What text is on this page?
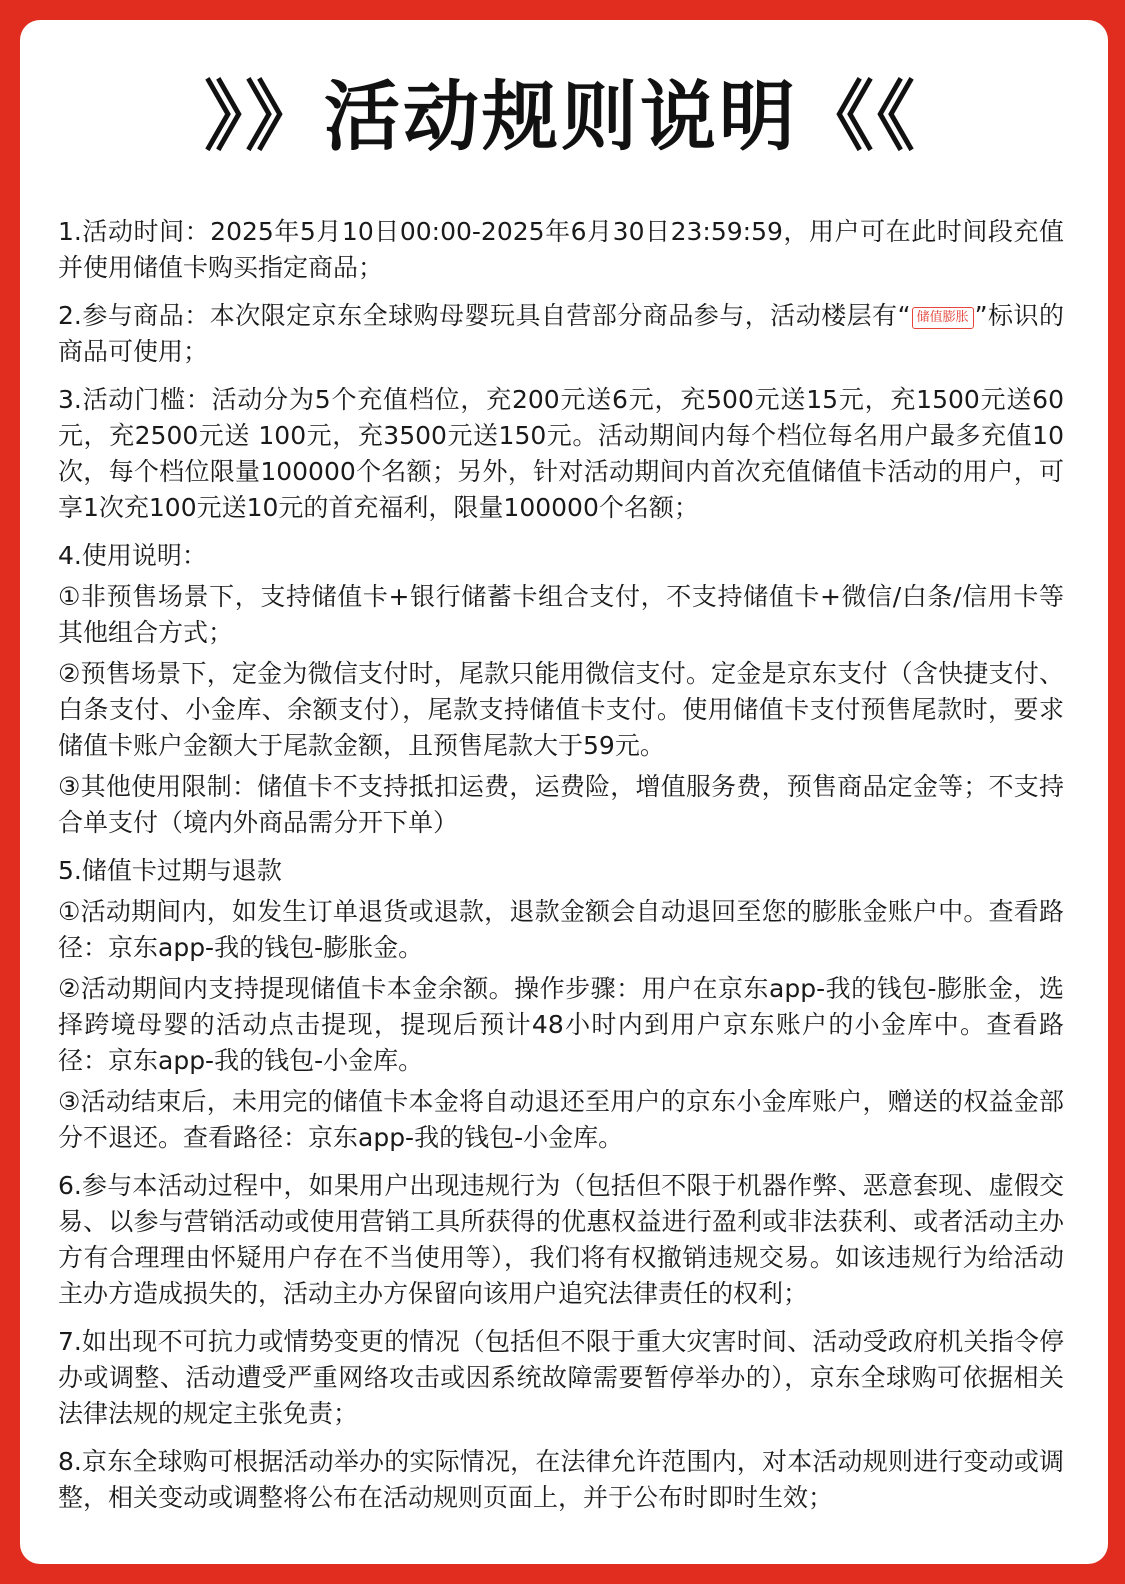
》》活动规则说明《《

1.活动时间：2025年5月10日00:00-2025年6月30日23:59:59，用户可在此时间段充值并使用储值卡购买指定商品；

2.参与商品：本次限定京东全球购母婴玩具自营部分商品参与，活动楼层有“ 储值膨胀 ”标识的商品可使用；

3.活动门槛：活动分为5个充值档位，充200元送6元，充500元送15元，充1500元送60元，充2500元送 100元，充3500元送150元。活动期间内每个档位每名用户最多充值10次，每个档位限量100000个名额；另外，针对活动期间内首次充值储值卡活动的用户，可享1次充100元送10元的首充福利，限量100000个名额；

4.使用说明：

①非预售场景下，支持储值卡+银行储蓄卡组合支付，不支持储值卡+微信/白条/信用卡等其他组合方式；

②预售场景下，定金为微信支付时，尾款只能用微信支付。定金是京东支付（含快捷支付、白条支付、小金库、余额支付），尾款支持储值卡支付。使用储值卡支付预售尾款时，要求储值卡账户金额大于尾款金额，且预售尾款大于59元。

③其他使用限制：储值卡不支持抵扣运费，运费险，增值服务费，预售商品定金等；不支持合单支付（境内外商品需分开下单）

5.储值卡过期与退款

①活动期间内，如发生订单退货或退款，退款金额会自动退回至您的膨胀金账户中。查看路径：京东app-我的钱包-膨胀金。

②活动期间内支持提现储值卡本金余额。操作步骤：用户在京东app-我的钱包-膨胀金，选择跨境母婴的活动点击提现，提现后预计48小时内到用户京东账户的小金库中。查看路径：京东app-我的钱包-小金库。

③活动结束后，未用完的储值卡本金将自动退还至用户的京东小金库账户，赠送的权益金部分不退还。查看路径：京东app-我的钱包-小金库。

6.参与本活动过程中，如果用户出现违规行为（包括但不限于机器作弊、恶意套现、虚假交易、以参与营销活动或使用营销工具所获得的优惠权益进行盈利或非法获利、或者活动主办方有合理理由怀疑用户存在不当使用等），我们将有权撤销违规交易。如该违规行为给活动主办方造成损失的，活动主办方保留向该用户追究法律责任的权利；

7.如出现不可抗力或情势变更的情况（包括但不限于重大灾害时间、活动受政府机关指令停办或调整、活动遭受严重网络攻击或因系统故障需要暂停举办的），京东全球购可依据相关法律法规的规定主张免责；

8.京东全球购可根据活动举办的实际情况，在法律允许范围内，对本活动规则进行变动或调整，相关变动或调整将公布在活动规则页面上，并于公布时即时生效；
